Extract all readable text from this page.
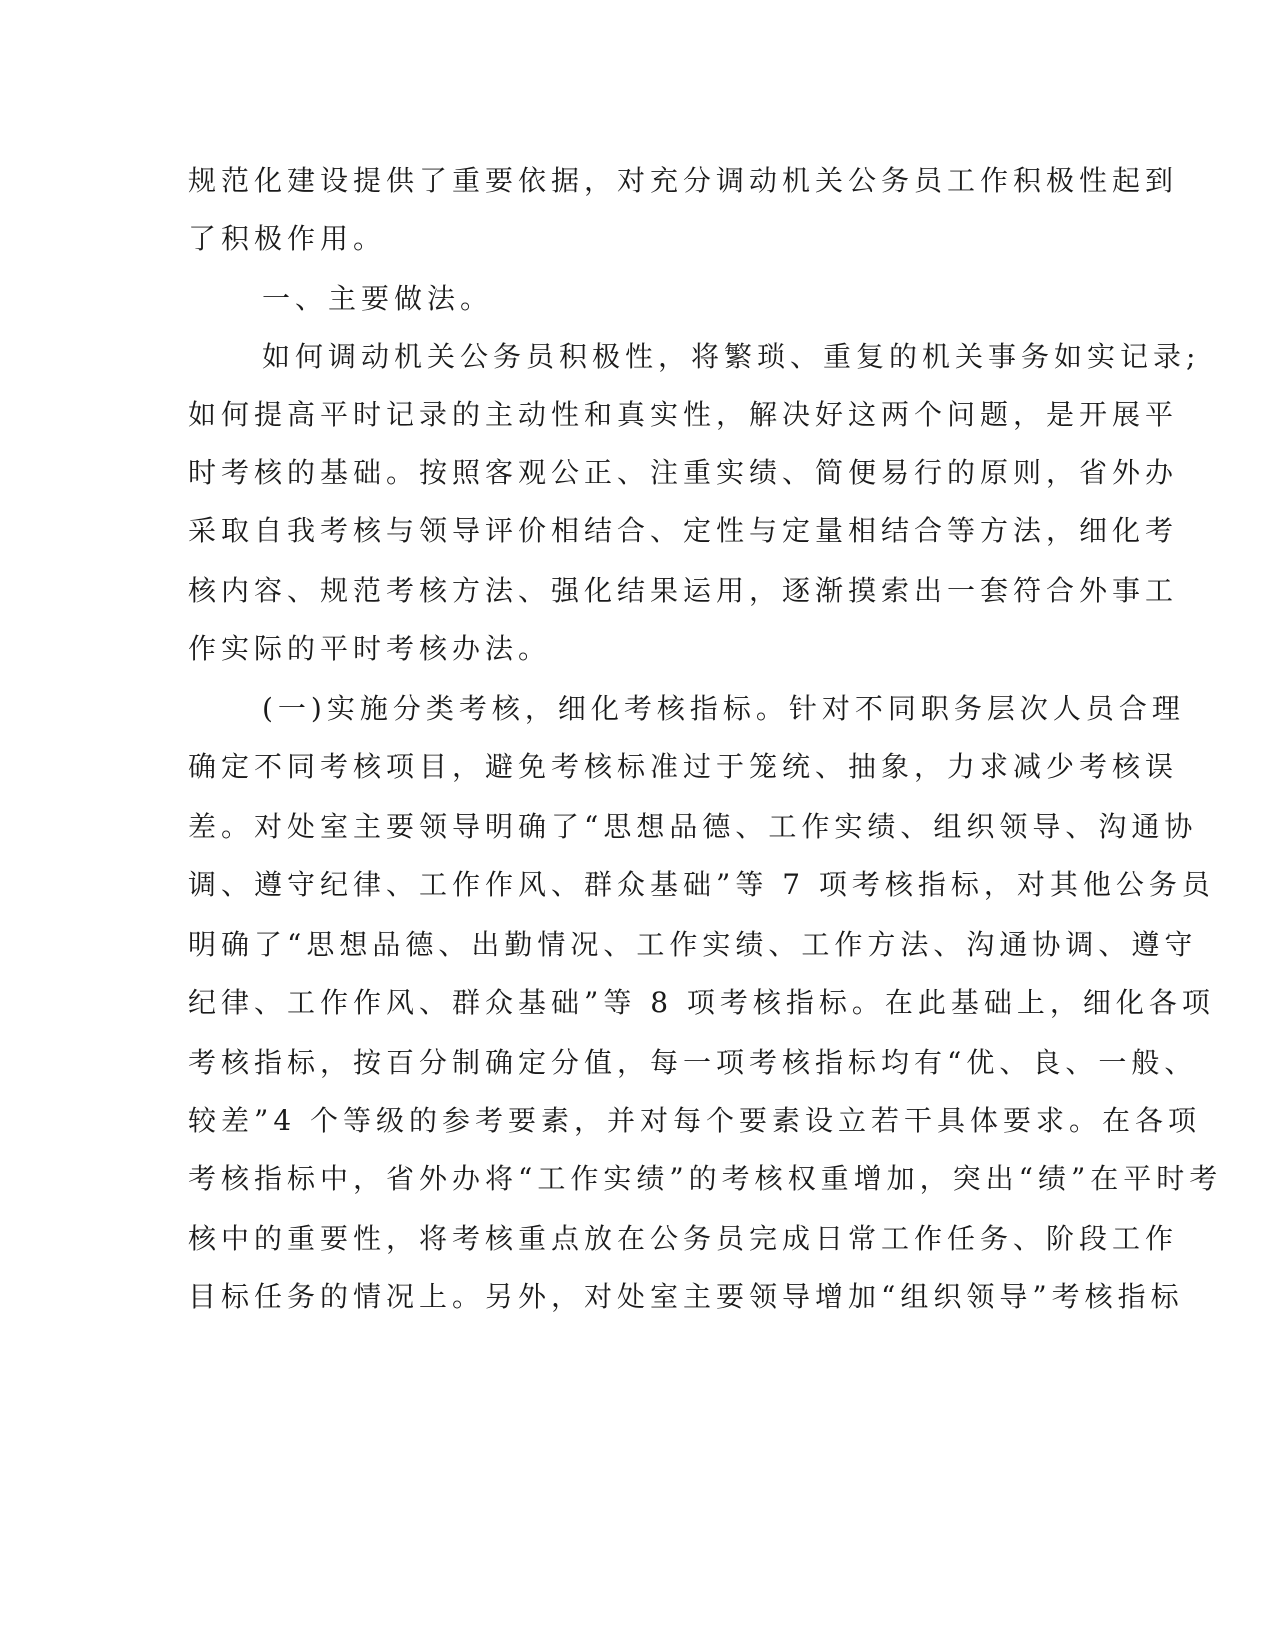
规范化建设提供了重要依据，对充分调动机关公务员工作积极性起到
了积极作用。
一、主要做法。
如何调动机关公务员积极性，将繁琐、重复的机关事务如实记录;
如何提高平时记录的主动性和真实性，解决好这两个问题，是开展平
时考核的基础。按照客观公正、注重实绩、简便易行的原则，省外办
采取自我考核与领导评价相结合、定性与定量相结合等方法，细化考
核内容、规范考核方法、强化结果运用，逐渐摸索出一套符合外事工
作实际的平时考核办法。
(一)实施分类考核，细化考核指标。针对不同职务层次人员合理
确定不同考核项目，避免考核标准过于笼统、抽象，力求减少考核误
差。对处室主要领导明确了“思想品德、工作实绩、组织领导、沟通协
调、遵守纪律、工作作风、群众基础”等 7 项考核指标，对其他公务员
明确了“思想品德、出勤情况、工作实绩、工作方法、沟通协调、遵守
纪律、工作作风、群众基础”等 8 项考核指标。在此基础上，细化各项
考核指标，按百分制确定分值，每一项考核指标均有“优、良、一般、
较差”4 个等级的参考要素，并对每个要素设立若干具体要求。在各项
考核指标中，省外办将“工作实绩”的考核权重增加，突出“绩”在平时考
核中的重要性，将考核重点放在公务员完成日常工作任务、阶段工作
目标任务的情况上。另外，对处室主要领导增加“组织领导”考核指标
